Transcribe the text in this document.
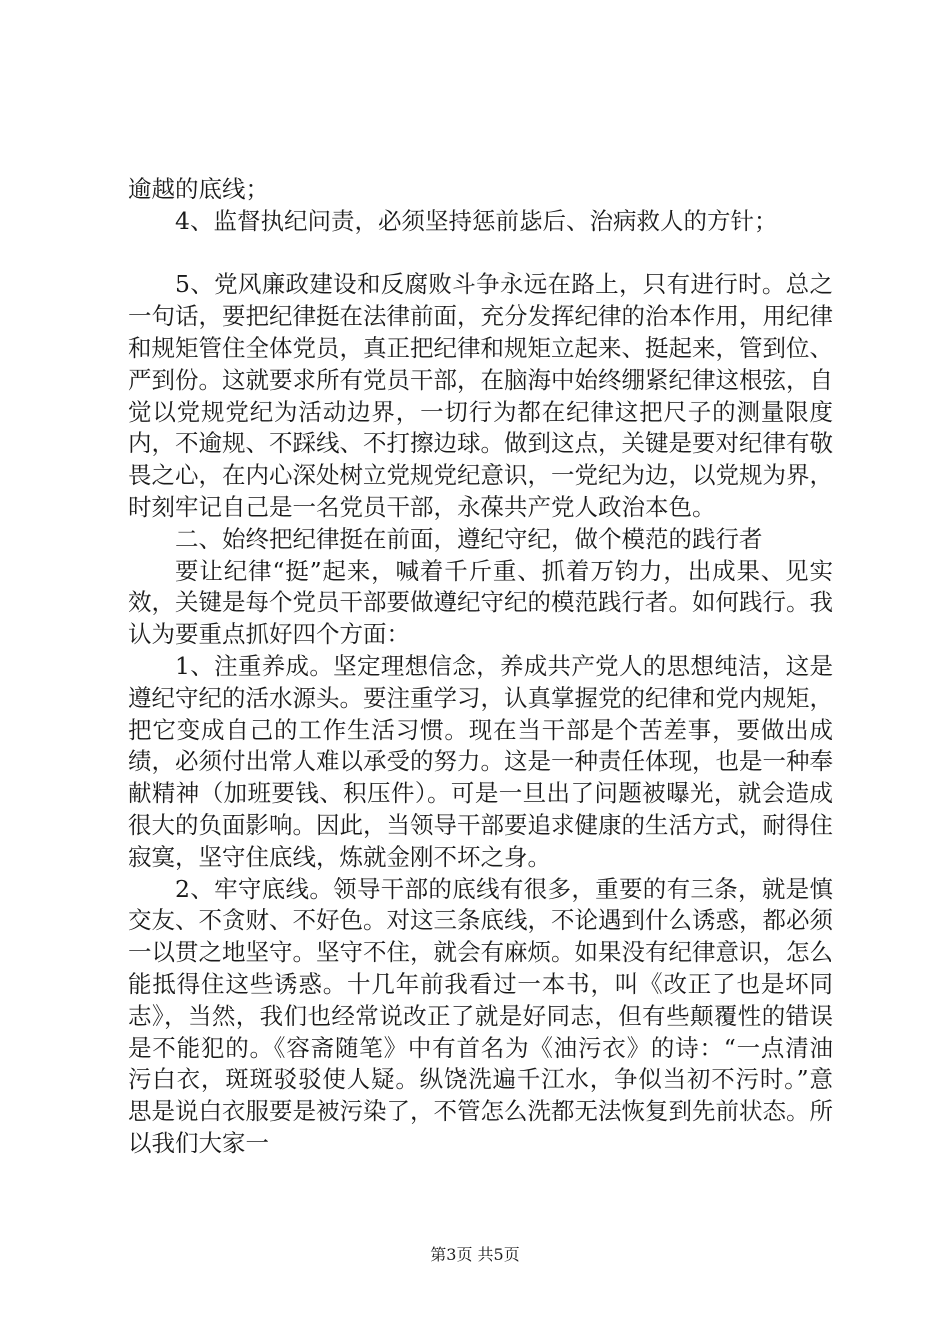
逾越的底线；

4、监督执纪问责，必须坚持惩前毖后、治病救人的方针；

5、党风廉政建设和反腐败斗争永远在路上，只有进行时。总之一句话，要把纪律挺在法律前面，充分发挥纪律的治本作用，用纪律和规矩管住全体党员，真正把纪律和规矩立起来、挺起来，管到位、严到份。这就要求所有党员干部，在脑海中始终绷紧纪律这根弦，自觉以党规党纪为活动边界，一切行为都在纪律这把尺子的测量限度内，不逾规、不踩线、不打擦边球。做到这点，关键是要对纪律有敬畏之心，在内心深处树立党规党纪意识，一党纪为边，以党规为界，时刻牢记自己是一名党员干部，永葆共产党人政治本色。

二、始终把纪律挺在前面，遵纪守纪，做个模范的践行者

要让纪律“挺”起来，喊着千斤重、抓着万钧力，出成果、见实效，关键是每个党员干部要做遵纪守纪的模范践行者。如何践行。我认为要重点抓好四个方面：

1、注重养成。坚定理想信念，养成共产党人的思想纯洁，这是遵纪守纪的活水源头。要注重学习，认真掌握党的纪律和党内规矩，把它变成自己的工作生活习惯。现在当干部是个苦差事，要做出成绩，必须付出常人难以承受的努力。这是一种责任体现，也是一种奉献精神（加班要钱、积压件）。可是一旦出了问题被曝光，就会造成很大的负面影响。因此，当领导干部要追求健康的生活方式，耐得住寂寞，坚守住底线，炼就金刚不坏之身。

2、牢守底线。领导干部的底线有很多，重要的有三条，就是慎交友、不贪财、不好色。对这三条底线，不论遇到什么诱惑，都必须一以贯之地坚守。坚守不住，就会有麻烦。如果没有纪律意识，怎么能抵得住这些诱惑。十几年前我看过一本书，叫《改正了也是坏同志》，当然，我们也经常说改正了就是好同志，但有些颠覆性的错误是不能犯的。《容斋随笔》中有首名为《油污衣》的诗：“一点清油污白衣，斑斑驳驳使人疑。纵饶洗遍千江水，争似当初不污时。”意思是说白衣服要是被污染了，不管怎么洗都无法恢复到先前状态。所以我们大家一

第3页 共5页
